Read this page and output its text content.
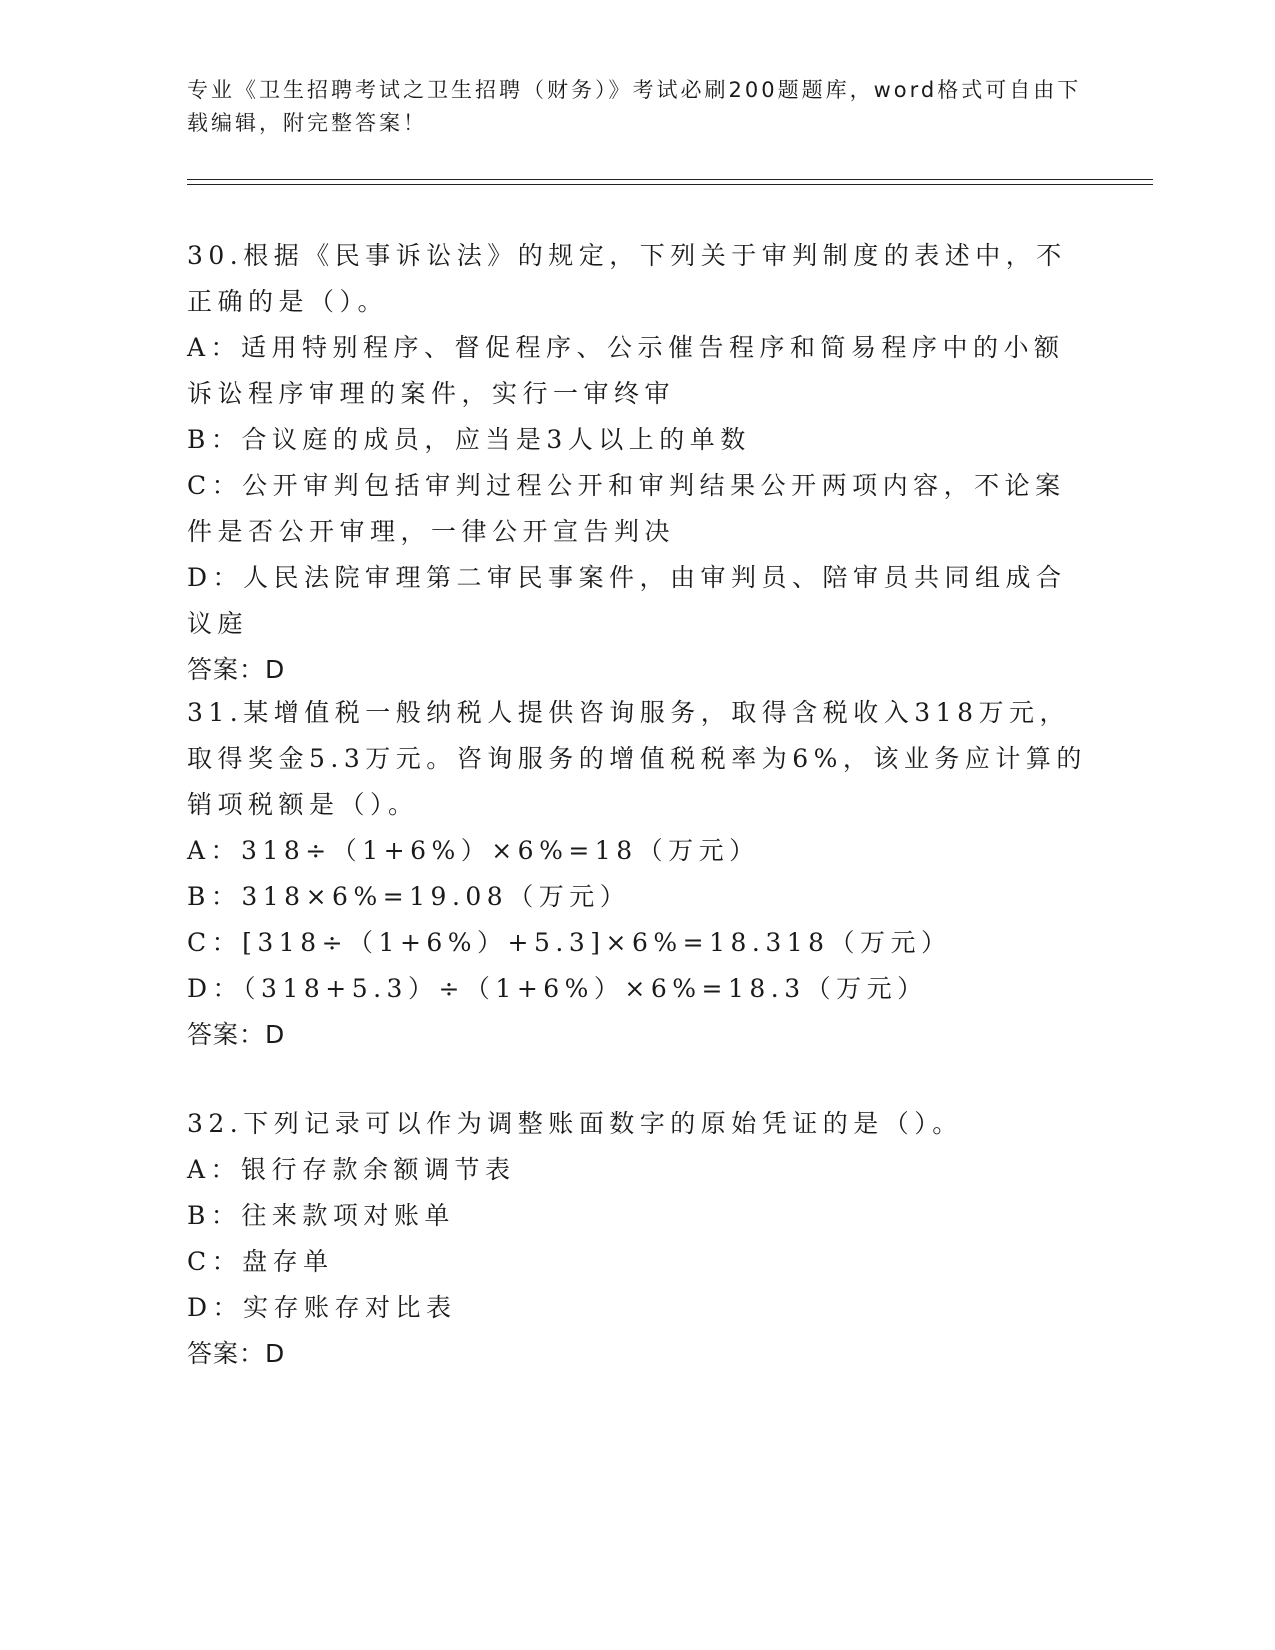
专业《卫生招聘考试之卫生招聘（财务）》考试必刷200题题库，word格式可自由下载编辑，附完整答案！

30.根据《民事诉讼法》的规定，下列关于审判制度的表述中，不正确的是（）。

A：适用特别程序、督促程序、公示催告程序和简易程序中的小额诉讼程序审理的案件，实行一审终审

B：合议庭的成员，应当是3人以上的单数

C：公开审判包括审判过程公开和审判结果公开两项内容，不论案件是否公开审理，一律公开宣告判决

D：人民法院审理第二审民事案件，由审判员、陪审员共同组成合议庭

答案：D

31.某增值税一般纳税人提供咨询服务，取得含税收入318万元，取得奖金5.3万元。咨询服务的增值税税率为6%，该业务应计算的销项税额是（）。

A：318÷（1+6%）×6%=18（万元）

B：318×6%=19.08（万元）

C：[318÷（1+6%）+5.3]×6%=18.318（万元）

D：（318+5.3）÷（1+6%）×6%=18.3（万元）

答案：D

32.下列记录可以作为调整账面数字的原始凭证的是（）。

A：银行存款余额调节表

B：往来款项对账单

C：盘存单

D：实存账存对比表

答案：D
